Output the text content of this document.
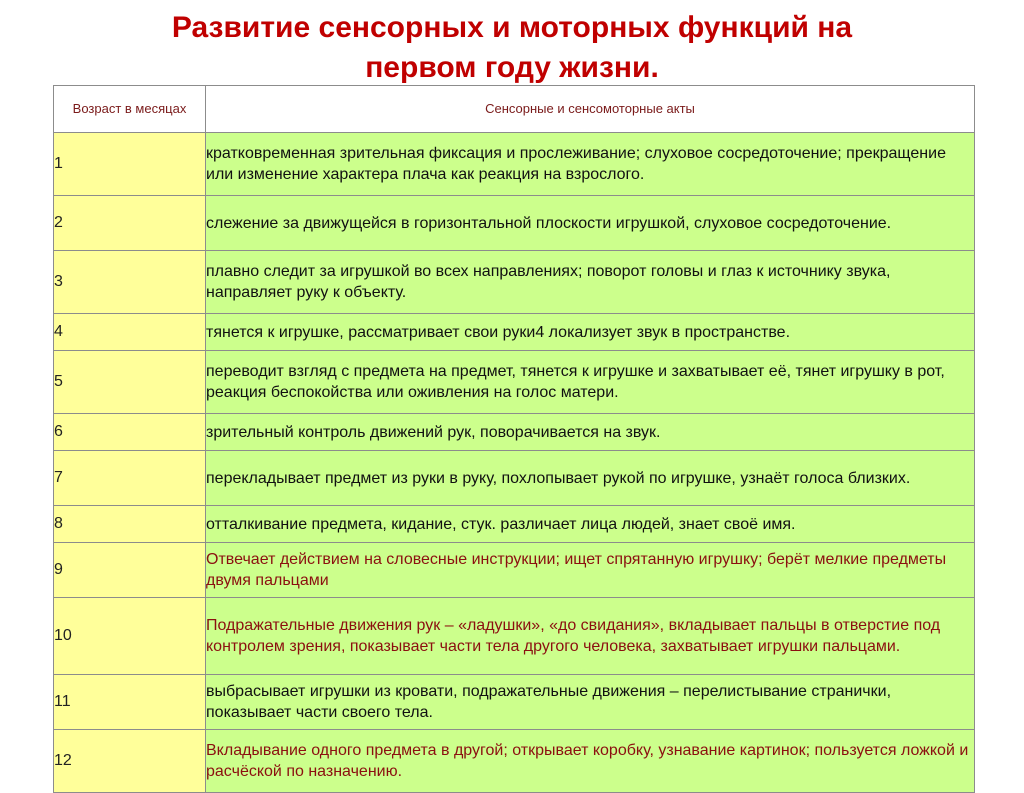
Развитие сенсорных и моторных функций на
первом году жизни.
Возраст в месяцах	Сенсорные и сенсомоторные акты
1	кратковременная зрительная фиксация и прослеживание; слуховое сосредоточение; прекращение или изменение характера плача как реакция на взрослого.
2	слежение за движущейся в горизонтальной плоскости игрушкой, слуховое сосредоточение.
3	плавно следит за игрушкой во всех направлениях; поворот головы и глаз к источнику звука, направляет руку к объекту.
4	тянется к игрушке, рассматривает свои руки4 локализует звук в пространстве.
5	переводит взгляд с предмета на предмет, тянется к игрушке и захватывает её, тянет игрушку в рот, реакция беспокойства или оживления на голос матери.
6	зрительный контроль движений рук, поворачивается на звук.
7	перекладывает предмет из руки в руку, похлопывает рукой по игрушке, узнаёт голоса близких.
8	отталкивание предмета, кидание, стук. различает лица людей, знает своё имя.
9	Отвечает действием на словесные инструкции; ищет спрятанную игрушку; берёт мелкие предметы двумя пальцами
10	Подражательные движения рук – «ладушки», «до свидания», вкладывает пальцы в отверстие под контролем зрения, показывает части тела другого человека, захватывает игрушки пальцами.
11	выбрасывает игрушки из кровати, подражательные движения – перелистывание странички, показывает части своего тела.
12	Вкладывание одного предмета в другой; открывает коробку, узнавание картинок; пользуется ложкой и расчёской по назначению.
